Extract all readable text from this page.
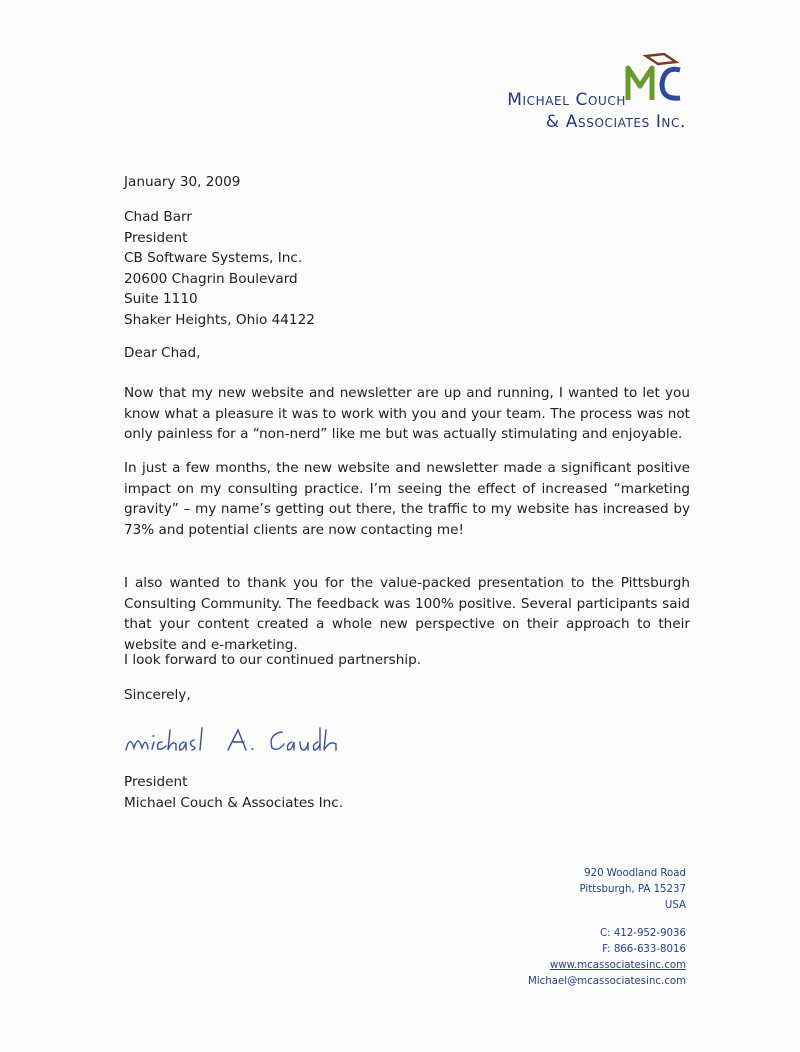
Michael Couch
& Associates Inc.
January 30, 2009
Chad Barr
President
CB Software Systems, Inc.
20600 Chagrin Boulevard
Suite 1110
Shaker Heights, Ohio 44122
Dear Chad,
Now that my new website and newsletter are up and running, I wanted to let you know what a pleasure it was to work with you and your team. The process was not only painless for a “non-nerd” like me but was actually stimulating and enjoyable.
In just a few months, the new website and newsletter made a significant positive impact on my consulting practice. I’m seeing the effect of increased “marketing gravity” – my name’s getting out there, the traffic to my website has increased by 73% and potential clients are now contacting me!
I also wanted to thank you for the value-packed presentation to the Pittsburgh Consulting Community. The feedback was 100% positive. Several participants said that your content created a whole new perspective on their approach to their website and e-marketing.
I look forward to our continued partnership.
Sincerely,
President
Michael Couch & Associates Inc.
920 Woodland Road
Pittsburgh, PA 15237
USA
C: 412-952-9036
F: 866-633-8016
www.mcassociatesinc.com
Michael@mcassociatesinc.com
